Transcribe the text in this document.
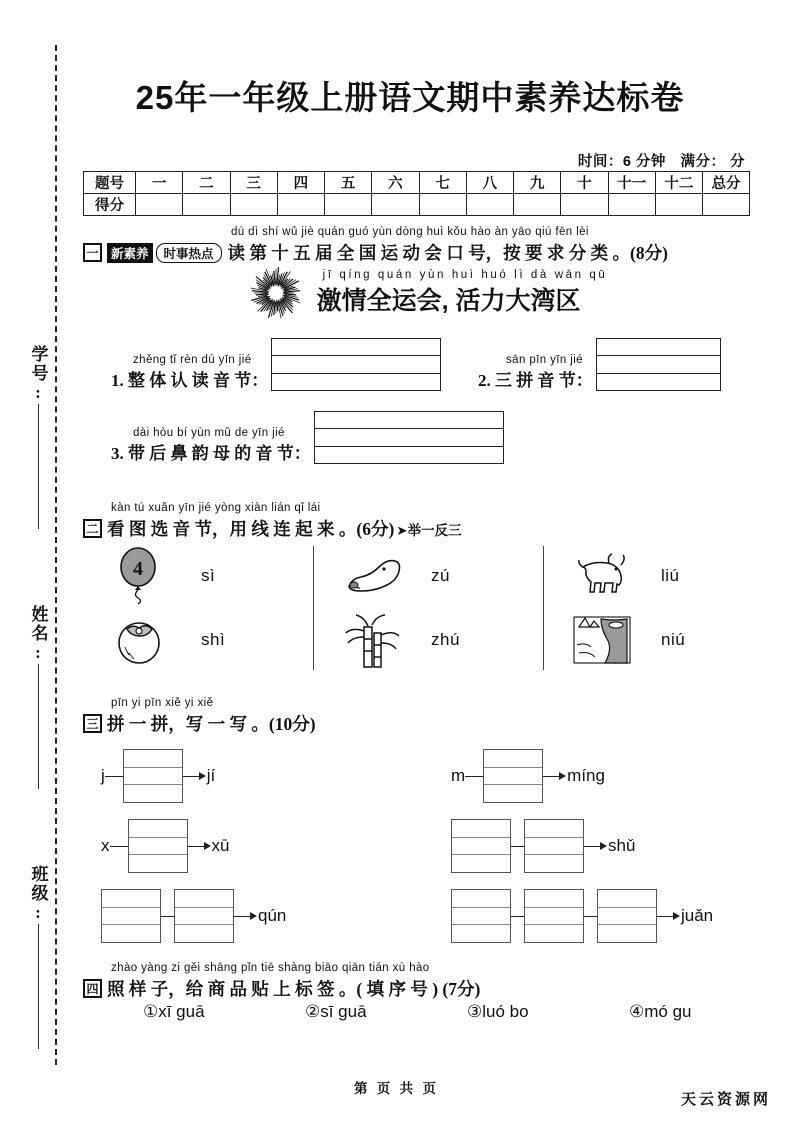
学号:
姓名:
班级:
25年一年级上册语文期中素养达标卷
时间：6 分钟 满分： 分
题号	一	二	三	四	五	六	七	八	九	十	十一	十二	总分
得分													
dú dì shí wǔ jiè quán guó yùn dòng huì kǒu hào àn yāo qiú fēn lèi
一	新素养	时事热点 读 第 十 五 届 全 国 运 动 会 口 号，按 要 求 分 类 。(8分)
jī qíng quán yùn huì huó lì dà wān qū
激情全运会, 活力大湾区
zhěng tǐ rèn dú yīn jié
1. 整 体 认 读 音 节：
sān pīn yīn jié
2. 三 拼 音 节：
dài hòu bí yùn mǔ de yīn jié
3. 带 后 鼻 韵 母 的 音 节：
kàn tú xuǎn yīn jié yòng xiàn lián qǐ lái
二 看 图 选 音 节，用 线 连 起 来 。(6分) ➤举一反三
4	sì
shì
zú
zhú
liú
niú
pīn yi pīn xiě yi xiě
三 拼 一 拼，写 一 写 。(10分)
j	jí	m	míng
x	xū	shǔ
qún	juǎn
zhào yàng zi gěi shāng pǐn tiē shàng biāo qiān tián xù hào
四 照 样 子，给 商 品 贴 上 标 签 。( 填 序 号 ) (7分)
①xī guā	②sī guā	③luó bo	④mó gu
第 页 共 页
天云资源网
